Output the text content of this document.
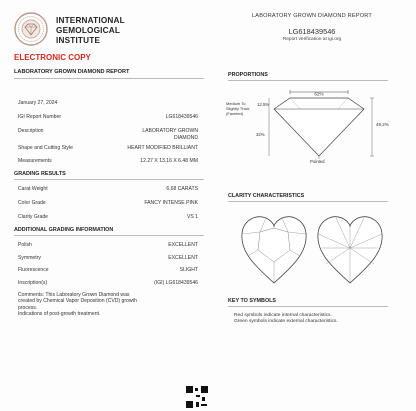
INTERNATIONAL
GEMOLOGICAL
INSTITUTE
ELECTRONIC COPY
LABORATORY GROWN DIAMOND REPORT
LABORATORY GROWN DIAMOND REPORT
LG618439546
Report verification at igi.org
January 27, 2024
IGI Report Number	LG618439546
Description	LABORATORY GROWN
DIAMOND
Shape and Cutting Style	HEART MODIFIED BRILLIANT
Measurements	12.27 X 13.16 X 6.48 MM
GRADING RESULTS
Carat Weight	6.68 CARATS
Color Grade	FANCY INTENSE PINK
Clarity Grade	VS 1
ADDITIONAL GRADING INFORMATION
Polish	EXCELLENT
Symmetry	EXCELLENT
Fluorescence	SLIGHT
Inscription(s)	(IGI) LG618439546
Comments: This Laboratory Grown Diamond was
created by Chemical Vapor Deposition (CVD) growth
process.
Indications of post-growth treatment.
PROPORTIONS
62%
12.5%
32%
Medium To
Slightly Thick
(Faceted)
49.2%
Pointed
CLARITY CHARACTERISTICS
KEY TO SYMBOLS
Red symbols indicate internal characteristics.
Green symbols indicate external characteristics.
